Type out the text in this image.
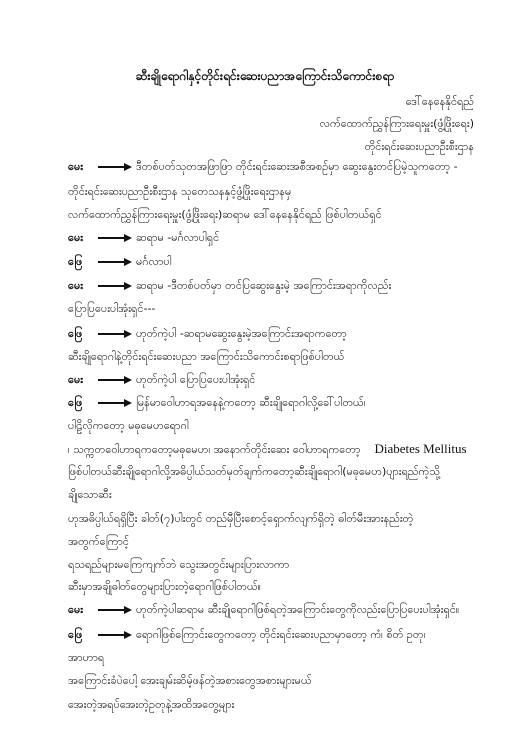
ဆီးချိုရောဂါနှင့်တိုင်းရင်းဆေးပညာအကြောင်းသိကောင်းစရာ
ဒေါ်နေနေနိုင်ရည်
လက်ထောက်ညွှန်ကြားရေးမှူး(ဖွံ့ဖြိုးရေး)
တိုင်းရင်းဆေးပညာဦးစီးဌာန
မေး	ဒီတစ်ပတ်သုတအဖြာဖြာ တိုင်းရင်းဆေးအစီအစဉ်မှာ ဆွေးနွေးတင်ပြမဲ့သူကတော့ -
တိုင်းရင်းဆေးပညာဦးစီးဌာန သုတေသနနှင့်ဖွံ့ဖြိုးရေးဌာနမှ
လက်ထောက်ညွှန်ကြားရေးမှူး(ဖွံ့ဖြိုးရေး)ဆရာမ ဒေါ်နေနေနိုင်ရည် ဖြစ်ပါတယ်ရှင်
မေး	ဆရာမ -မင်္ဂလာပါရှင်
ဖြေ	မင်္ဂလာပါ
မေး	ဆရာမ -ဒီတစ်ပတ်မှာ တင်ပြဆွေးနွေးမဲ့ အကြောင်းအရာကိုလည်း
ပြောပြပေးပါအုံးရှင်---
ဖြေ	ဟုတ်ကဲ့ပါ -ဆရာမဆွေးနွေးမဲ့အကြောင်းအရာကတော့
ဆီးချိုရောဂါနဲ့တိုင်းရင်းဆေးပညာ အကြောင်းသိကောင်းစရာဖြစ်ပါတယ်
မေး	ဟုတ်ကဲ့ပါ ပြောပြပေးပါအုံးရှင်
ဖြေ	မြန်မာဝေါဟာရအနေနဲ့ကတော့ ဆီးချိုရောဂါလို့ခေါ်ပါတယ်၊
ပါဠိလိုကတော့ မဓုမေဟရောဂါ
၊ သက္ကတဝေါဟာရကတော့မဓုမေဟ၊ အနောက်တိုင်းဆေး ဝေါဟာရကတော့ Diabetes Mellitus
ဖြစ်ပါတယ်ဆီးချိုရောဂါလို့အဓိပ္ပါယ်သတ်မှတ်ချက်ကတော့ဆီးချိုရောဂါ(မဓုမေဟ)ပျားရည်ကဲ့သို့
ချိုသောဆီး
ဟုအဓိပ္ပါယ်ရရှိပြီး ခါတ်(၇)ပါးတွင် တည်မှီပြီးစောင့်ရှောက်လျက်ရှိတဲ့ ဓါတ်မီးအားနည်းတဲ့
အတွက်ကြောင့်
ရသရည်များမကြေကျက်ဘဲ သွေးအတွင်းများပြားလာကာ
ဆီးမှာအချိုဓါတ်တွေများပြားတဲ့ရောဂါဖြစ်ပါတယ်။
မေး	ဟုတ်ကဲ့ပါဆရာမ ဆီးချိုရောဂါဖြစ်ရတဲ့အကြောင်းတွေကိုလည်းပြောပြပေးပါအုံးရှင်။
ဖြေ	ရောဂါဖြစ်ကြောင်းတွေကတော့ တိုင်းရင်းဆေးပညာမှာတော့ ကံ၊ စိတ် ဥတု၊
အာဟာရ
အကြောင်းခံပဲပေါ့ အေးချမ်းဆိမ့်ဖန်တဲ့အစားတွေအစားများမယ်
အေးတဲ့အရပ်အေးတဲ့ဥတုနဲ့အထိအတွေ့များ
